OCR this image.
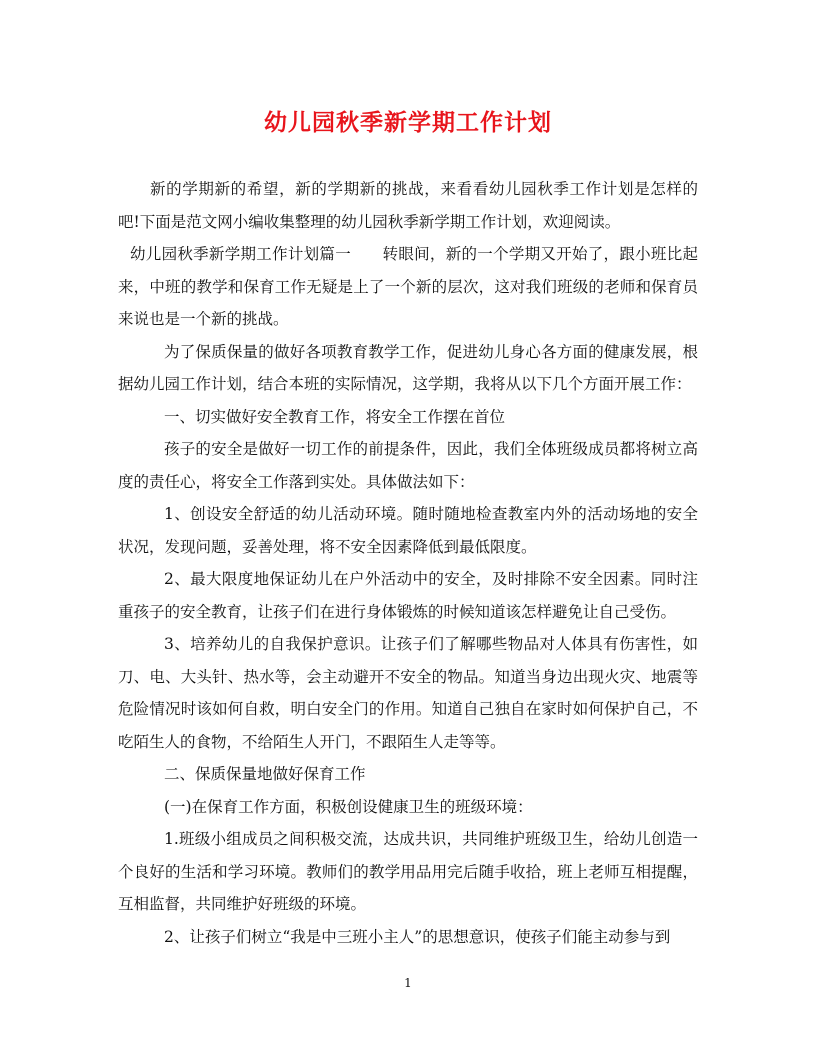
幼儿园秋季新学期工作计划

新的学期新的希望，新的学期新的挑战，来看看幼儿园秋季工作计划是怎样的吧!下面是范文网小编收集整理的幼儿园秋季新学期工作计划，欢迎阅读。

幼儿园秋季新学期工作计划篇一　　转眼间，新的一个学期又开始了，跟小班比起来，中班的教学和保育工作无疑是上了一个新的层次，这对我们班级的老师和保育员来说也是一个新的挑战。

为了保质保量的做好各项教育教学工作，促进幼儿身心各方面的健康发展，根据幼儿园工作计划，结合本班的实际情况，这学期，我将从以下几个方面开展工作：

一、切实做好安全教育工作，将安全工作摆在首位

孩子的安全是做好一切工作的前提条件，因此，我们全体班级成员都将树立高度的责任心，将安全工作落到实处。具体做法如下：

1、创设安全舒适的幼儿活动环境。随时随地检查教室内外的活动场地的安全状况，发现问题，妥善处理，将不安全因素降低到最低限度。

2、最大限度地保证幼儿在户外活动中的安全，及时排除不安全因素。同时注重孩子的安全教育，让孩子们在进行身体锻炼的时候知道该怎样避免让自己受伤。

3、培养幼儿的自我保护意识。让孩子们了解哪些物品对人体具有伤害性，如刀、电、大头针、热水等，会主动避开不安全的物品。知道当身边出现火灾、地震等危险情况时该如何自救，明白安全门的作用。知道自己独自在家时如何保护自己，不吃陌生人的食物，不给陌生人开门，不跟陌生人走等等。

二、保质保量地做好保育工作

(一)在保育工作方面，积极创设健康卫生的班级环境：

1.班级小组成员之间积极交流，达成共识，共同维护班级卫生，给幼儿创造一个良好的生活和学习环境。教师们的教学用品用完后随手收拾，班上老师互相提醒，互相监督，共同维护好班级的环境。

2、让孩子们树立“我是中三班小主人”的思想意识，使孩子们能主动参与到

1
